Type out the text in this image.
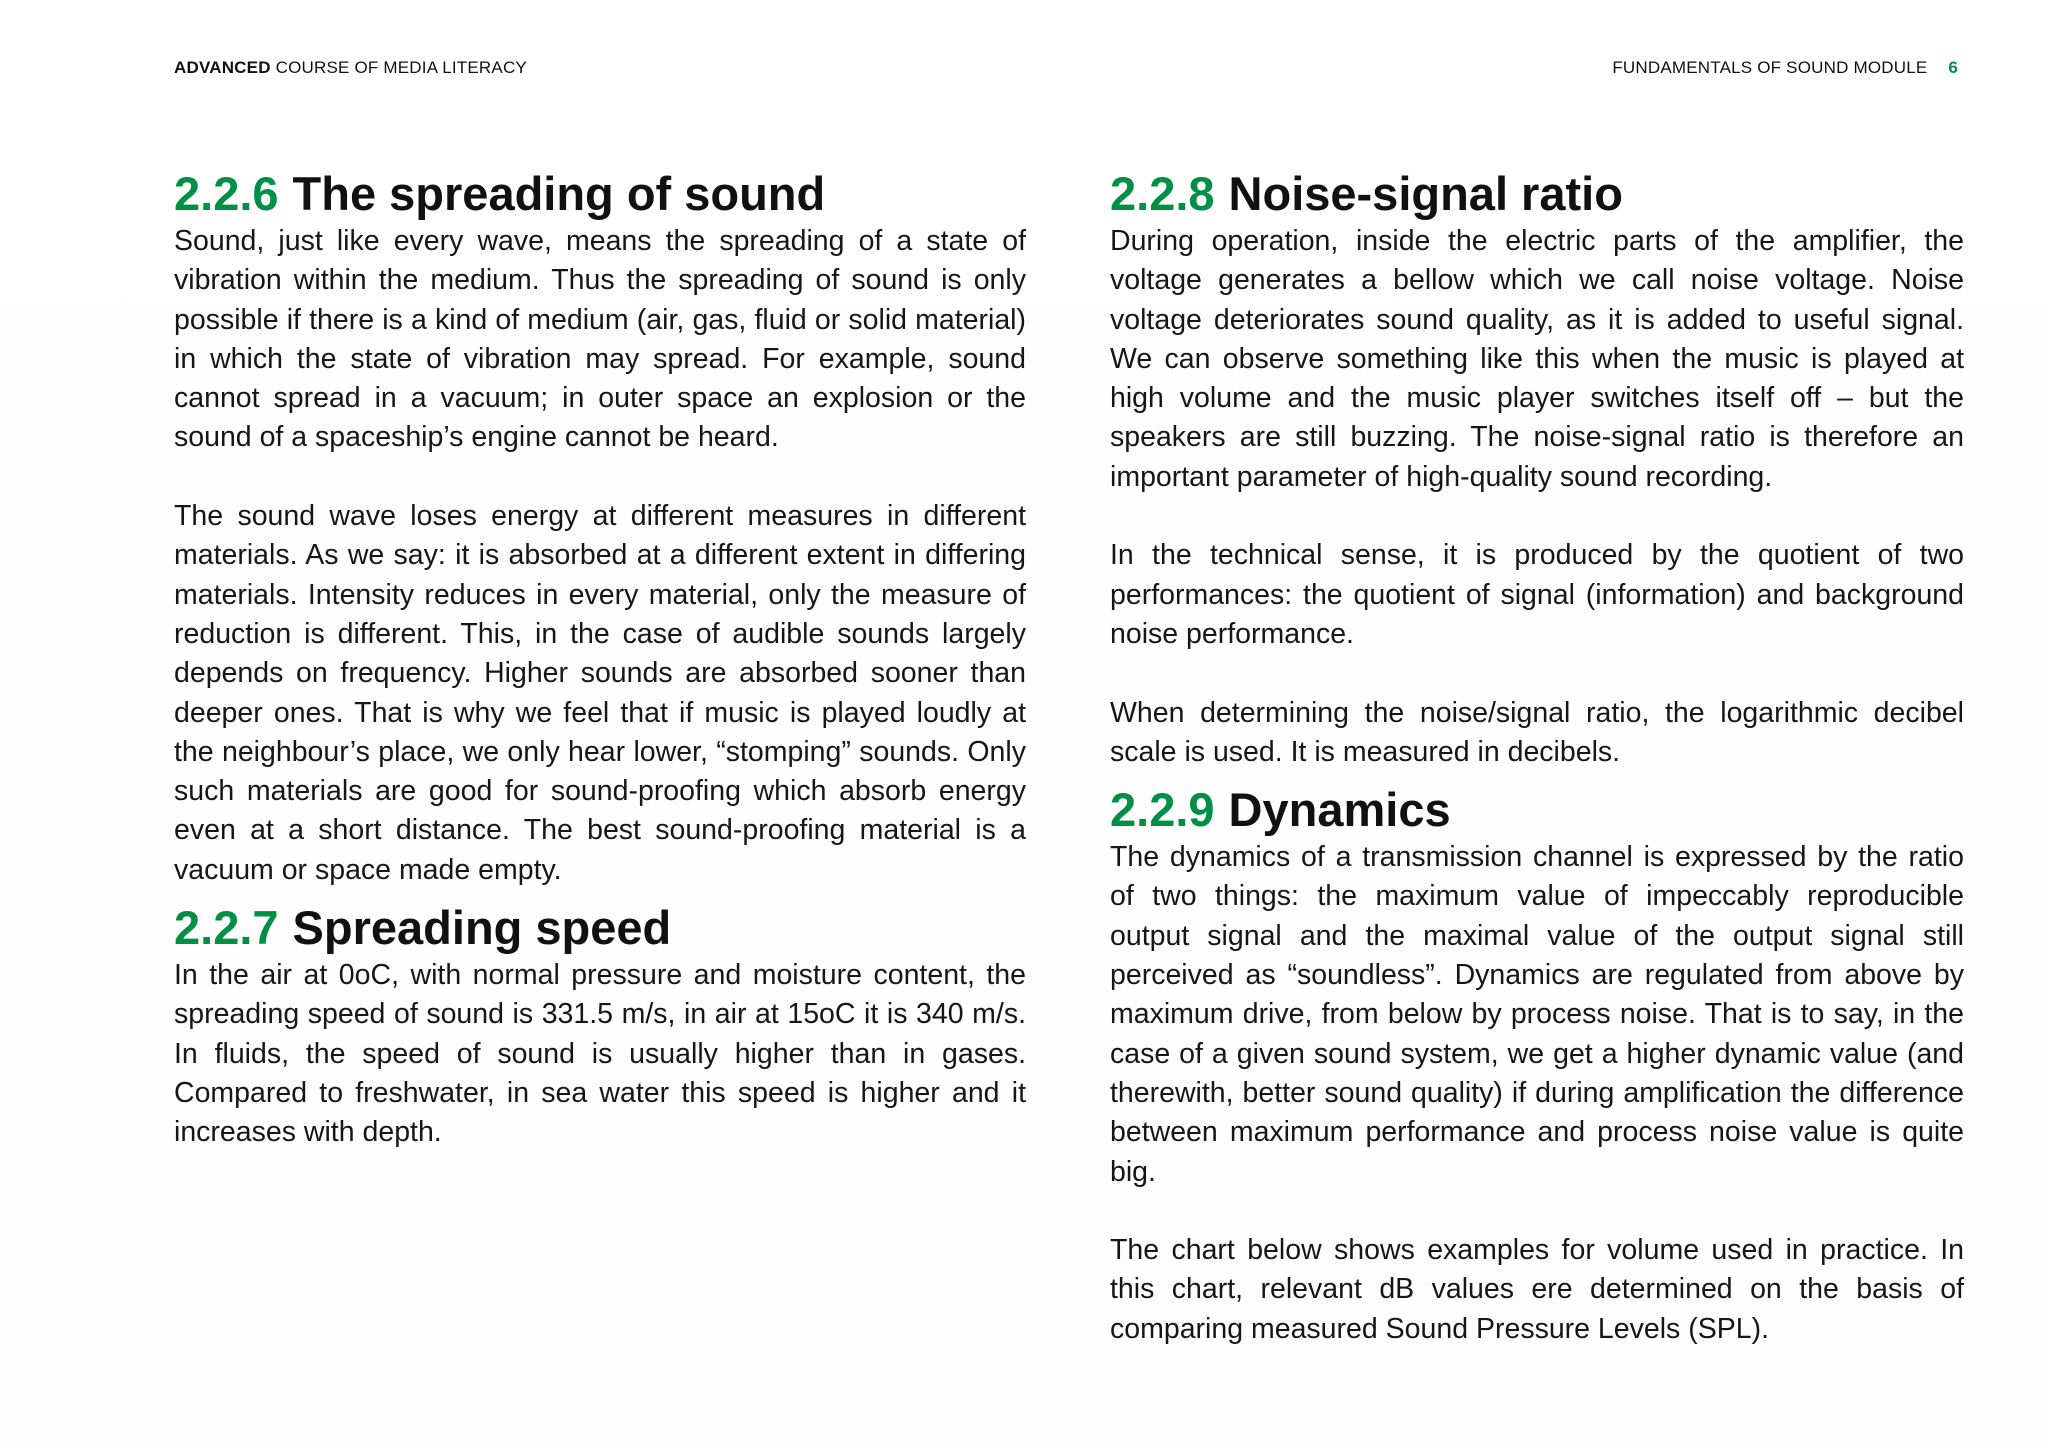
ADVANCED COURSE OF MEDIA LITERACY	FUNDAMENTALS OF SOUND MODULE 6
2.2.6 The spreading of sound

Sound, just like every wave, means the spreading of a state of vibration within the medium. Thus the spreading of sound is only possible if there is a kind of medium (air, gas, fluid or solid material) in which the state of vibration may spread. For example, sound cannot spread in a vacuum; in outer space an explosion or the sound of a spaceship’s engine cannot be heard.

The sound wave loses energy at different measures in different materials. As we say: it is absorbed at a different extent in differing materials. Intensity reduces in every material, only the measure of reduction is different. This, in the case of audible sounds largely depends on frequency. Higher sounds are absorbed sooner than deeper ones. That is why we feel that if music is played loudly at the neighbour’s place, we only hear lower, “stomping” sounds. Only such materials are good for sound-proofing which absorb energy even at a short distance. The best sound-proofing material is a vacuum or space made empty.

2.2.7 Spreading speed

In the air at 0oC, with normal pressure and moisture content, the spreading speed of sound is 331.5 m/s, in air at 15oC it is 340 m/s. In fluids, the speed of sound is usually higher than in gases. Compared to freshwater, in sea water this speed is higher and it increases with depth.

2.2.8 Noise-signal ratio

During operation, inside the electric parts of the amplifier, the voltage generates a bellow which we call noise voltage. Noise voltage deteriorates sound quality, as it is added to useful signal. We can observe something like this when the music is played at high volume and the music player switches itself off – but the speakers are still buzzing. The noise-signal ratio is therefore an important parameter of high-quality sound recording.

In the technical sense, it is produced by the quotient of two performances: the quotient of signal (information) and background noise performance.

When determining the noise/signal ratio, the logarithmic decibel scale is used. It is measured in decibels.

2.2.9 Dynamics

The dynamics of a transmission channel is expressed by the ratio of two things: the maximum value of impeccably reproducible output signal and the maximal value of the output signal still perceived as “soundless”. Dynamics are regulated from above by maximum drive, from below by process noise. That is to say, in the case of a given sound system, we get a higher dynamic value (and therewith, better sound quality) if during amplification the difference between maximum performance and process noise value is quite big.

The chart below shows examples for volume used in practice. In this chart, relevant dB values ere determined on the basis of comparing measured Sound Pressure Levels (SPL).
